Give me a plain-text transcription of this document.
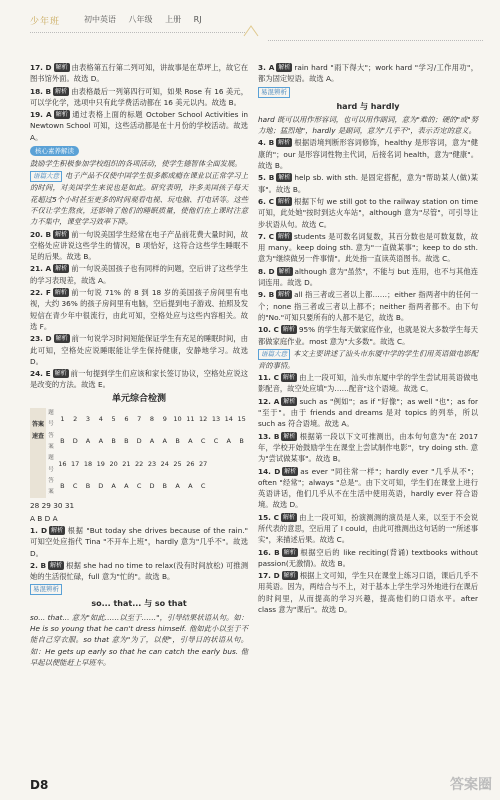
少年班	初中英语 八年级 上册 RJ

17. D 解析 由表格第五行第二列可知，讲故事是在草坪上，故它在图书馆外面。故选 D。

18. B 解析 由表格最后一列第四行可知，如果 Rose 有 16 美元，可以学化学，选项中只有此学费活动都在 16 美元以内。故选 B。

19. A 解析 通过表格上面的标题 October School Activities in Newtown School 可知，这些活动都是在十月份的学校活动。故选 A。

核心素养解读

鼓励学生积极参加学校组织的各项活动，使学生德智体全面发展。

语篇大意 电子产品不仅使中国学生很多都成瘾在课业以正常学习上的时间，对美国学生来说也是如此。研究表明，许多美国孩子每天花超过5个小时甚至更多的时间观看电视、玩电脑、打电话等。这些不仅让学生熬夜，还影响了他们的睡眠质量，使他们在上课时注意力不集中，课堂学习效率下降。

20. B 解析 前一句说美国学生经常在电子产品前花费大量时间，故空格处应讲说这些学生的情况，B 项恰好，这符合这些学生睡眠不足的后果。故选 B。

21. A 解析 前一句说美国孩子也有同样的问题，空后讲了这些学生的学习表现差，故选 A。

22. F 解析 前一句说 71% 的 8 到 18 岁的美国孩子房间里有电视，大约 36% 的孩子房间里有电脑，空后提到电子游戏、拍照及发短信在青少年中很流行，由此可知，空格处应与这些内容相关。故选 F。

23. D 解析 前一句说学习时间短能保证学生有充足的睡眠时间，由此可知，空格处应说睡眠能让学生保持健康，安静地学习。故选 D。

24. E 解析 前一句提到学生们应该和家长签订协议，空格处应说这是改变的方法。故选 E。

单元综合检测
答案速查	题号	1	2	3	4	5	6	7	8	9	10	11	12	13	14	15
	答案	B	D	A	A	B	B	D	A	A	B	A	C	C	A	B
	题号	16	17	18	19	20	21	22	23	24	25	26	27			
	答案	B	C	B	D	A	A	C	D	B	A	A	C			

28 29 30 31

A B D A

1. D 解析 根据 "But today she drives because of the rain." 可知空处应指代 Tina "不开车上班"，hardly 意为"几乎不"。故选 D。

2. B 解析 根据 she had no time to relax(没有时间放松) 可推测她的生活很忙碌，full 意为"忙的"。故选 B。

易混辨析
so... that... 与 so that

so... that... 意为"如此……以至于……"，引导结果状语从句。如：He is so young that he can't dress himself. 他如此小以至于不能自己穿衣服。so that 意为"为了，以便"，引导目的状语从句。如：He gets up early so that he can catch the early bus. 他早起以便能赶上早班车。

3. A 解析 rain hard "雨下得大"；work hard "学习/工作用功"，都为固定短语。故选 A。

易混辨析
hard 与 hardly

hard 既可以用作形容词，也可以用作副词，意为"难的；硬的"或"努力地；猛烈地"，hardly 是副词，意为"几乎不"，表示否定的意义。

4. B 解析 根据语境判断形容词修饰，healthy 是形容词，意为"健康的"；our 是形容词性物主代词，后接名词 health，意为"健康"。故选 B。

5. B 解析 help sb. with sth. 是固定搭配，意为"帮助某人(做)某事"。故选 B。

6. C 解析 根据下句 we still got to the railway station on time 可知，此处她"按时到达火车站"，although 意为"尽管"，可引导让步状语从句。故选 C。

7. C 解析 students 是可数名词复数，其百分数也是可数复数，故用 many。keep doing sth. 意为"一直做某事"；keep to do sth. 意为"继续做另一件事情"。此处指一直读英语图书。故选 C。

8. D 解析 although 意为"虽然"，不能与 but 连用，也不与其他连词连用。故选 D。

9. B 解析 all 指三者或三者以上都……；either 指两者中的任何一个；none 指三者或三者以上都不；neither 指两者都不。由下句的"No."可知只要所有的人都不是它，故选 B。

10. C 解析 95% 的学生每天做家庭作业，也就是说大多数学生每天都做家庭作业。most 意为"大多数"。故选 C。

语篇大意 本文主要讲述了汕头市东厦中学的学生们用英语做电影配音的事情。

11. C 解析 由上一段可知，汕头市东厦中学的学生尝试用英语做电影配音，故空处应填"为……配音"这个语境。故选 C。

12. A 解析 such as "例如"；as if "好像"；as well "也"；as for "至于"。由于 friends and dreams 是对 topics 的列举，所以 such as 符合语境。故选 A。

13. B 解析 根据第一段以下文可推测出，由本句句意为"在 2017 年，学校开始鼓励学生在课堂上尝试制作电影"，try doing sth. 意为"尝试做某事"。故选 B。

14. D 解析 as ever "同往常一样"；hardly ever "几乎从不"；often "经常"；always "总是"。由下文可知，学生们在课堂上进行英语讲话，他们几乎从不在生活中使用英语，hardly ever 符合语境。故选 D。

15. C 解析 由上一段可知，扮演测测的演员是人来，以至于不会说所代表的意思，空后用了 I could，由此可推测出这句话的一"所述事实"，来描述后果。故选 C。

16. B 解析 根据空后的 like reciting(背诵) textbooks without passion(无激情)。故选 B。

17. D 解析 根据上文可知，学生只在课堂上练习口语，课后几乎不用英语。因为，两结合与不上，对于基本上学生学习外地进行在课后的时间里，从而提高的学习兴趣，提高他们的口语水平。after class 意为"课后"。故选 D。

D8	答案圈
